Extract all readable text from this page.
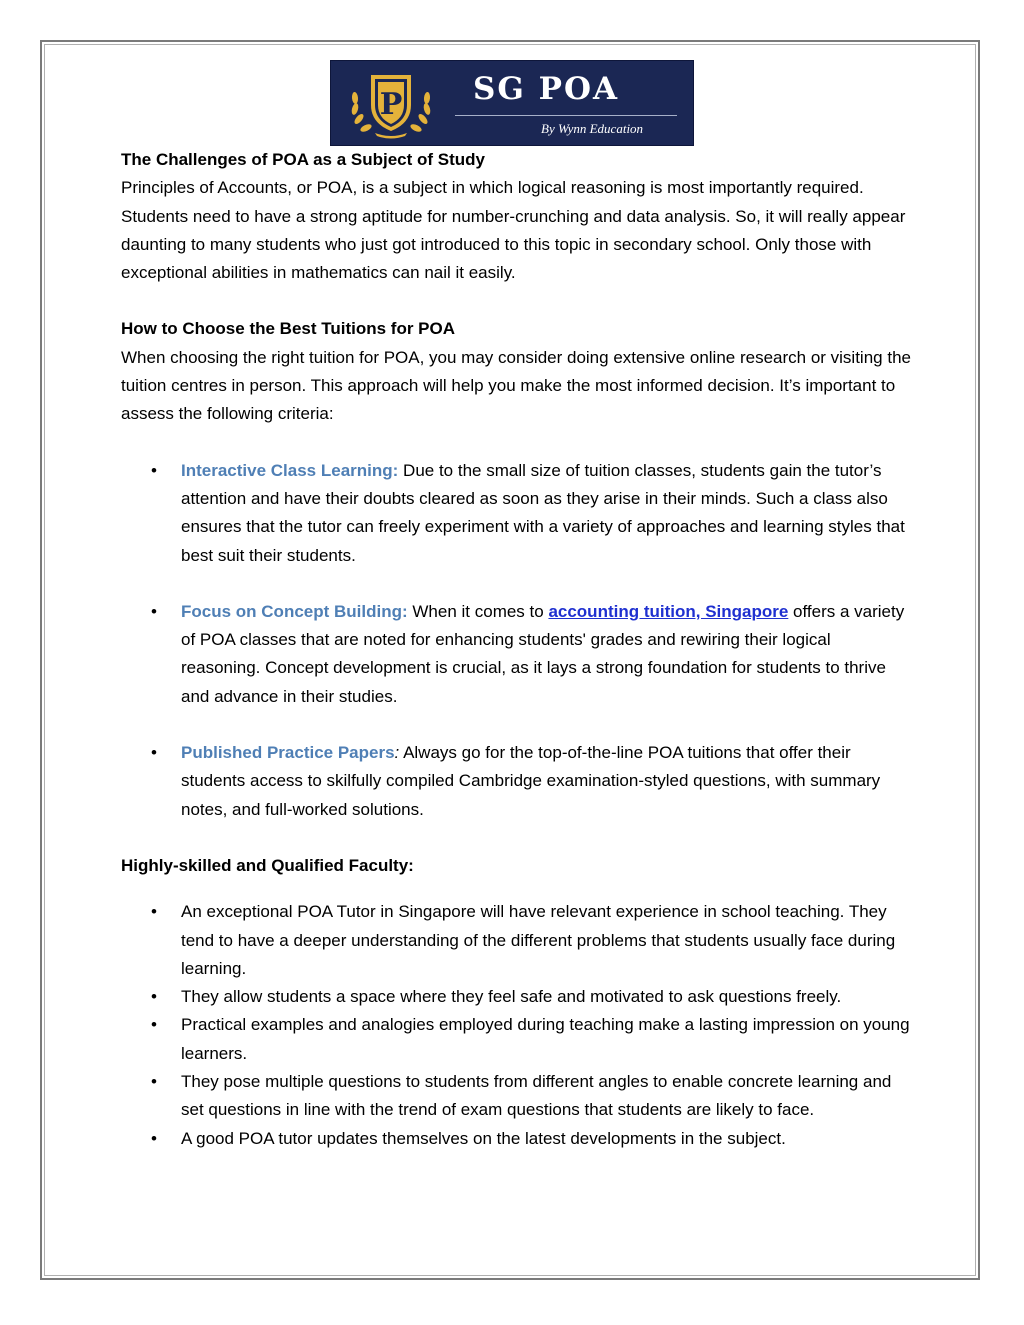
P SG POA
By Wynn Education

The Challenges of POA as a Subject of Study

Principles of Accounts, or POA, is a subject in which logical reasoning is most importantly required. Students need to have a strong aptitude for number-crunching and data analysis. So, it will really appear daunting to many students who just got introduced to this topic in secondary school. Only those with exceptional abilities in mathematics can nail it easily.

How to Choose the Best Tuitions for POA

When choosing the right tuition for POA, you may consider doing extensive online research or visiting the tuition centres in person. This approach will help you make the most informed decision. It’s important to assess the following criteria:

• Interactive Class Learning: Due to the small size of tuition classes, students gain the tutor’s attention and have their doubts cleared as soon as they arise in their minds. Such a class also ensures that the tutor can freely experiment with a variety of approaches and learning styles that best suit their students.
• Focus on Concept Building: When it comes to accounting tuition, Singapore offers a variety of POA classes that are noted for enhancing students' grades and rewiring their logical reasoning. Concept development is crucial, as it lays a strong foundation for students to thrive and advance in their studies.
• Published Practice Papers: Always go for the top-of-the-line POA tuitions that offer their students access to skilfully compiled Cambridge examination-styled questions, with summary notes, and full-worked solutions.

Highly-skilled and Qualified Faculty:

• An exceptional POA Tutor in Singapore will have relevant experience in school teaching. They tend to have a deeper understanding of the different problems that students usually face during learning.
• They allow students a space where they feel safe and motivated to ask questions freely.
• Practical examples and analogies employed during teaching make a lasting impression on young learners.
• They pose multiple questions to students from different angles to enable concrete learning and set questions in line with the trend of exam questions that students are likely to face.
• A good POA tutor updates themselves on the latest developments in the subject.
